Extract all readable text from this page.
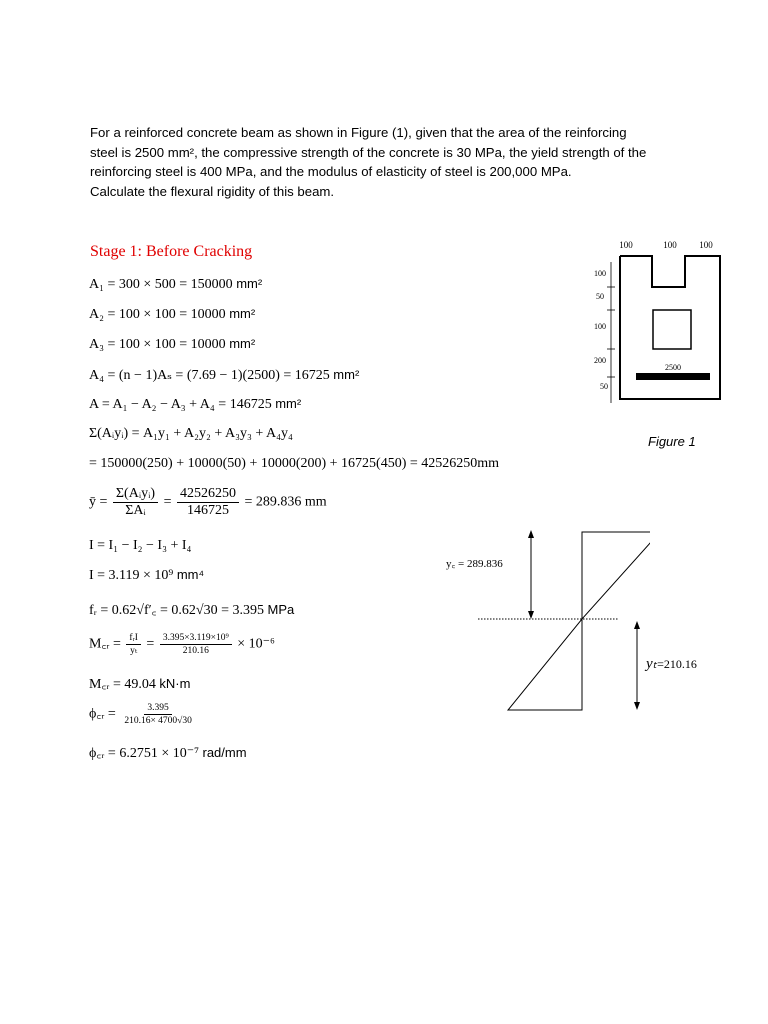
For a reinforced concrete beam as shown in Figure (1), given that the area of the reinforcing

steel is 2500 mm², the compressive strength of the concrete is 30 MPa, the yield strength of the

reinforcing steel is 400 MPa, and the modulus of elasticity of steel is 200,000 MPa.

Calculate the flexural rigidity of this beam.

Stage 1: Before Cracking
A₁ = 300 × 500 = 150000 mm²
A₂ = 100 × 100 = 10000 mm²
A₃ = 100 × 100 = 10000 mm²
A₄ = (n − 1)Aₛ = (7.69 − 1)(2500) = 16725 mm²
A = A₁ − A₂ − A₃ + A₄ = 146725 mm²
Σ(Aᵢyᵢ) = A₁y₁ + A₂y₂ + A₃y₃ + A₄y₄
= 150000(250) + 10000(50) + 10000(200) + 16725(450) = 42526250mm
ȳ = $\frac{\text{Σ(Aᵢyᵢ)}}{\text{ΣAᵢ}} = \frac{42526250}{146725} = 289.836$ mm
I = I₁ − I₂ − I₃ + I₄
I = 3.119 × 10⁹ mm⁴
fᵣ = 0.62√f′꜀ = 0.62√30 = 3.395 MPa
M꜀ᵣ = $\frac{\text{fᵣI}}{\text{yₜ}} = \frac{\text{3.395×3.119×10⁹}}{210.16} \times 10^{-6}$
M꜀ᵣ = 49.04 kN·m
ϕ꜀ᵣ = $\frac{3.395}{210.16\times 4700√30}$
ϕ꜀ᵣ = 6.2751 × 10⁻⁷ rad/mm
100	100	100
2500
100
50
100
200
50
Figure 1
y꜀ = 289.836
yₜ=210.16
